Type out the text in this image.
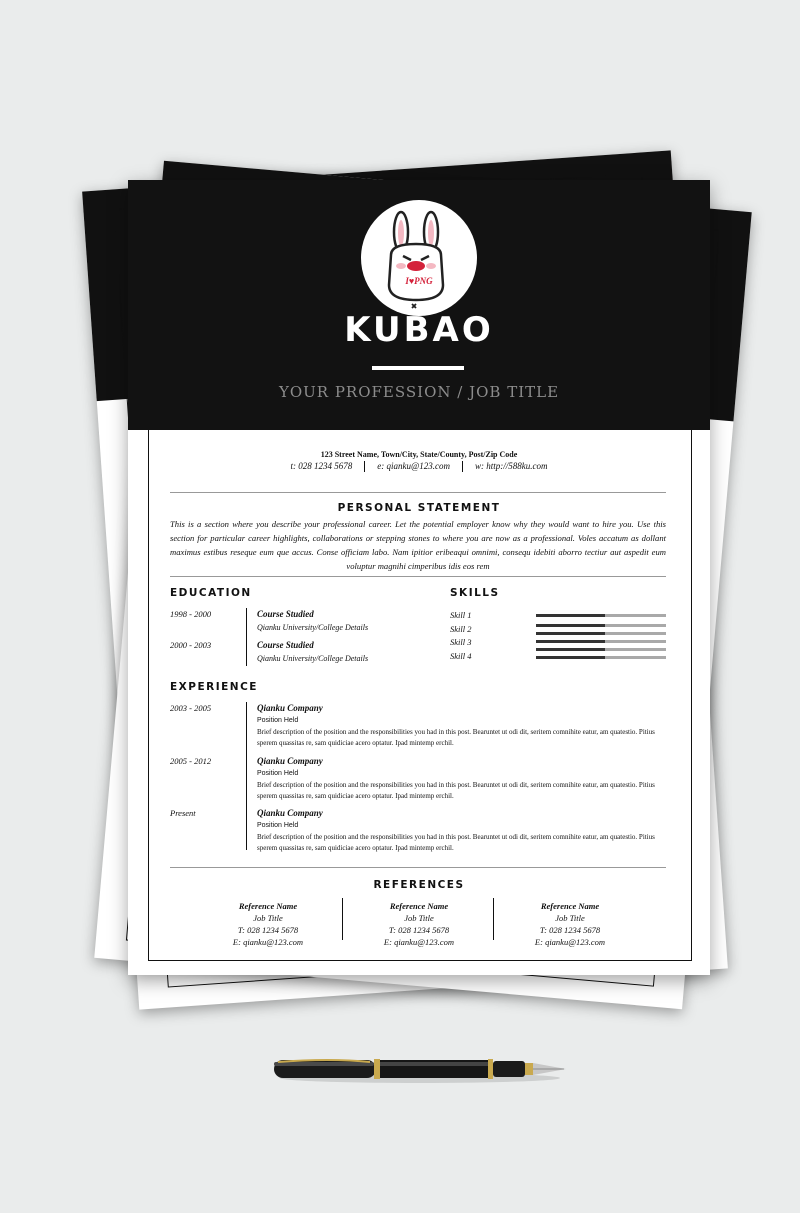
I♥PNG
KUBAO
YOUR PROFESSION / JOB TITLE
123 Street Name, Town/City, State/County, Post/Zip Code
t: 028 1234 5678	e: qianku@123.com	w: http://588ku.com
PERSONAL STATEMENT
This is a section where you describe your professional career. Let the potential employer know why they would want to hire you. Use this section for particular career highlights, collaborations or stepping stones to where you are now as a professional. Voles accatum as dollant maximus estibus reseque eum que accus. Conse officiam labo. Nam ipitior eribeaqui omnimi, consequ idebiti aborro tectiur aut aspedit eum voluptur magnihi cimperibus idis eos rem
EDUCATION
1998 - 2000	Course Studied
Qianku University/College Details
2000 - 2003	Course Studied
Qianku University/College Details
SKILLS
Skill 1
Skill 2
Skill 3
Skill 4
EXPERIENCE
2003 - 2005	Qianku Company
Position Held
Brief description of the position and the responsibilities you had in this post. Bearuntet ut odi dit, seritem comnihite eatur, am quatestio. Pitius sperem quassitas re, sam quidiciae acero optatur. Ipad mintemp erchil.
2005 - 2012	Qianku Company
Position Held
Brief description of the position and the responsibilities you had in this post. Bearuntet ut odi dit, seritem comnihite eatur, am quatestio. Pitius sperem quassitas re, sam quidiciae acero optatur. Ipad mintemp erchil.
Present	Qianku Company
Position Held
Brief description of the position and the responsibilities you had in this post. Bearuntet ut odi dit, seritem comnihite eatur, am quatestio. Pitius sperem quassitas re, sam quidiciae acero optatur. Ipad mintemp erchil.
REFERENCES
Reference Name
Job Title
T: 028 1234 5678
E: qianku@123.com
Reference Name
Job Title
T: 028 1234 5678
E: qianku@123.com
Reference Name
Job Title
T: 028 1234 5678
E: qianku@123.com
